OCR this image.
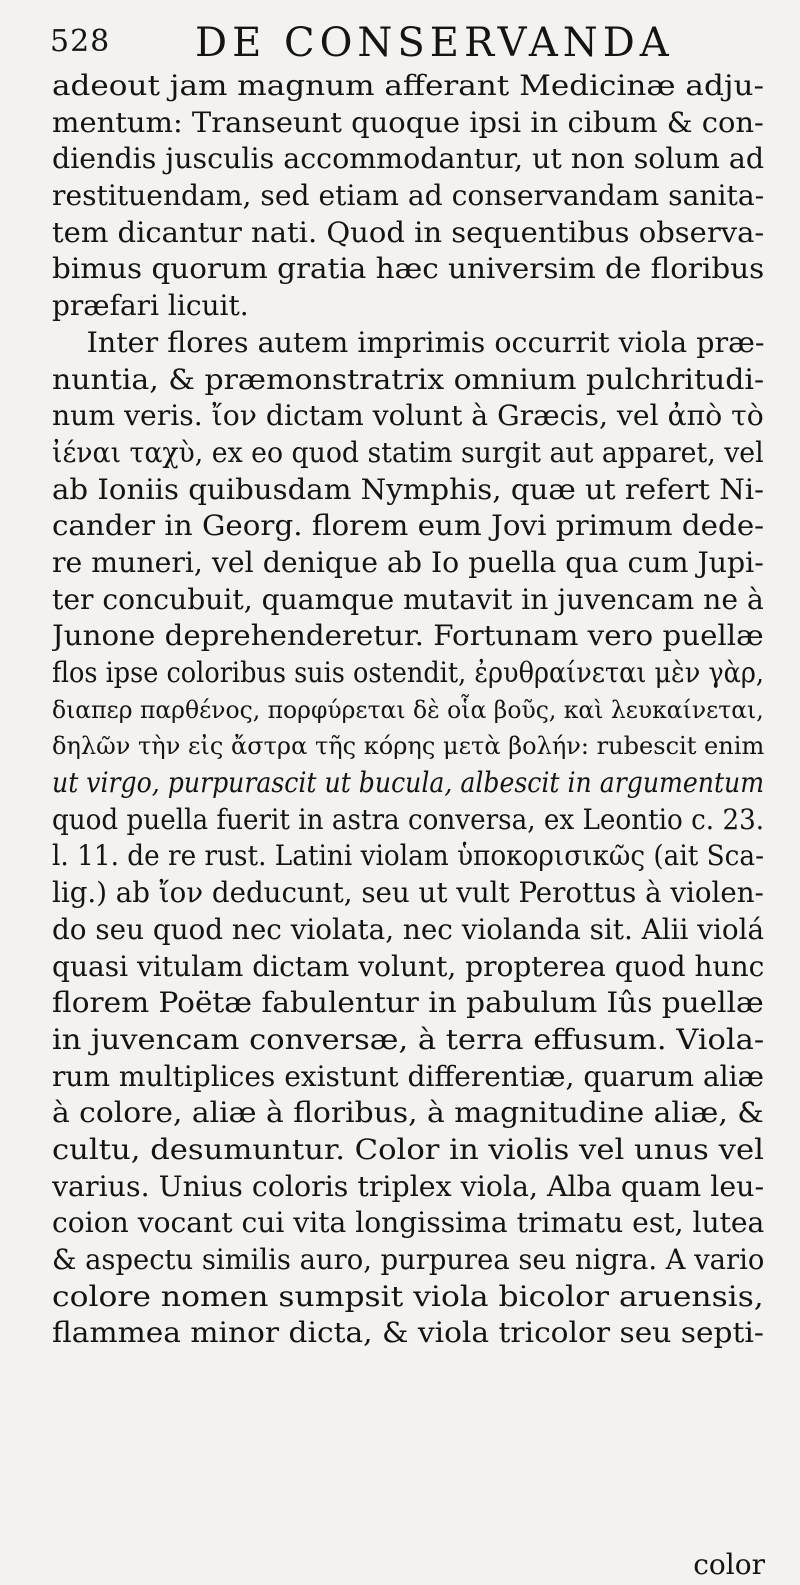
528 DE CONSERVANDA
adeout jam magnum afferant Medicinæ adju-
mentum: Transeunt quoque ipsi in cibum & con-
diendis jusculis accommodantur, ut non solum ad
restituendam, sed etiam ad conservandam sanita-
tem dicantur nati. Quod in sequentibus observa-
bimus quorum gratia hæc universim de floribus
præfari licuit.
Inter flores autem imprimis occurrit viola præ-
nuntia, & præmonstratrix omnium pulchritudi-
num veris. ἴον dictam volunt à Græcis, vel ἀπὸ τὸ
ἰέναι ταχὺ, ex eo quod statim surgit aut apparet, vel
ab Ioniis quibusdam Nymphis, quæ ut refert Ni-
cander in Georg. florem eum Jovi primum dede-
re muneri, vel denique ab Io puella qua cum Jupi-
ter concubuit, quamque mutavit in juvencam ne à
Junone deprehenderetur. Fortunam vero puellæ
flos ipse coloribus suis ostendit, ἐρυθραίνεται μὲν γὰρ,
διαπερ παρθένος, πορφύρεται δὲ οἷα βοῦς, καὶ λευκαίνεται,
δηλῶν τὴν εἰς ἄστρα τῆς κόρης μετὰ βολήν: rubescit enim
ut virgo, purpurascit ut bucula, albescit in argumentum
quod puella fuerit in astra conversa, ex Leontio c. 23.
l. 11. de re rust. Latini violam ὑποκορισικῶς (ait Sca-
lig.) ab ἴον deducunt, seu ut vult Perottus à violen-
do seu quod nec violata, nec violanda sit. Alii violá
quasi vitulam dictam volunt, propterea quod hunc
florem Poëtæ fabulentur in pabulum Iûs puellæ
in juvencam conversæ, à terra effusum. Viola-
rum multiplices existunt differentiæ, quarum aliæ
à colore, aliæ à floribus, à magnitudine aliæ, &
cultu, desumuntur. Color in violis vel unus vel
varius. Unius coloris triplex viola, Alba quam leu-
coion vocant cui vita longissima trimatu est, lutea
& aspectu similis auro, purpurea seu nigra. A vario
colore nomen sumpsit viola bicolor aruensis,
flammea minor dicta, & viola tricolor seu septi-
color
